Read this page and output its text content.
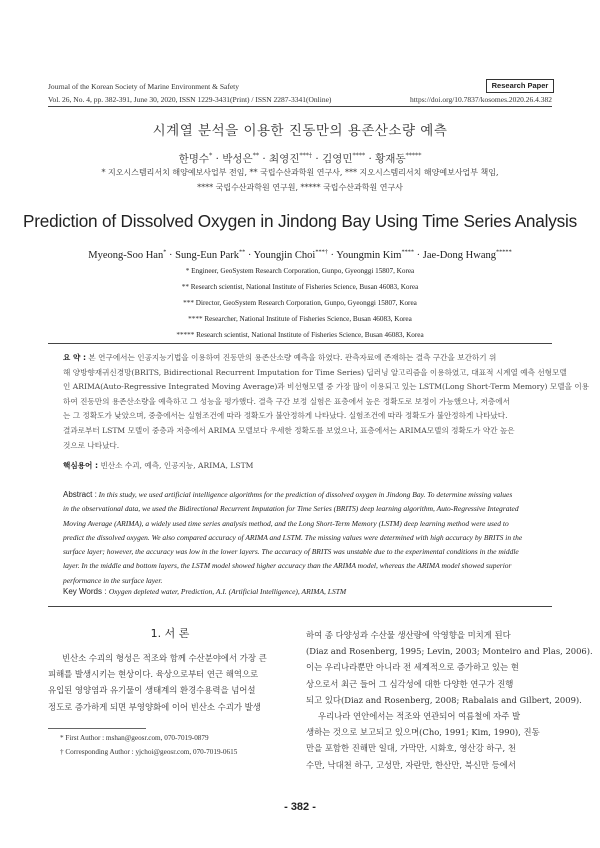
Journal of the Korean Society of Marine Environment & Safety	Research Paper
Vol. 26, No. 4, pp. 382-391, June 30, 2020, ISSN 1229-3431(Print) / ISSN 2287-3341(Online)	https://doi.org/10.7837/kosomes.2020.26.4.382
시계열 분석을 이용한 진동만의 용존산소량 예측
한명수* · 박성은** · 최영진***† · 김영민**** · 황재동*****
* 지오시스템리서치 해양예보사업부 전임, ** 국립수산과학원 연구사, *** 지오시스템리서치 해양예보사업부 책임,
**** 국립수산과학원 연구원, ***** 국립수산과학원 연구사
Prediction of Dissolved Oxygen in Jindong Bay Using Time Series Analysis
Myeong-Soo Han* · Sung-Eun Park** · Youngjin Choi***† · Youngmin Kim**** · Jae-Dong Hwang*****
* Engineer, GeoSystem Research Corporation, Gunpo, Gyeonggi 15807, Korea
** Research scientist, National Institute of Fisheries Science, Busan 46083, Korea
*** Director, GeoSystem Research Corporation, Gunpo, Gyeonggi 15807, Korea
**** Researcher, National Institute of Fisheries Science, Busan 46083, Korea
***** Research scientist, National Institute of Fisheries Science, Busan 46083, Korea
요 약 : 본 연구에서는 인공지능기법을 이용하여 진동만의 용존산소량 예측을 하였다. 관측자료에 존재하는 결측 구간을 보간하기 위
해 양방향재귀신경망(BRITS, Bidirectional Recurrent Imputation for Time Series) 딥러닝 알고리즘을 이용하였고, 대표적 시계열 예측 선형모델
인 ARIMA(Auto-Regressive Integrated Moving Average)과 비선형모델 중 가장 많이 이용되고 있는 LSTM(Long Short-Term Memory) 모델을 이용
하여 진동만의 용존산소량을 예측하고 그 성능을 평가했다. 결측 구간 보정 실험은 표층에서 높은 정확도로 보정이 가능했으나, 저층에서
는 그 정확도가 낮았으며, 중층에서는 실험조건에 따라 정확도가 불안정하게 나타났다. 실험조건에 따라 정확도가 불안정하게 나타났다.
결과로부터 LSTM 모델이 중층과 저층에서 ARIMA 모델보다 우세한 정확도를 보였으나, 표층에서는 ARIMA모델의 정확도가 약간 높은
것으로 나타났다.
핵심용어 : 빈산소 수괴, 예측, 인공지능, ARIMA, LSTM
Abstract : In this study, we used artificial intelligence algorithms for the prediction of dissolved oxygen in Jindong Bay. To determine missing values
in the observational data, we used the Bidirectional Recurrent Imputation for Time Series (BRITS) deep learning algorithm, Auto-Regressive Integrated
Moving Average (ARIMA), a widely used time series analysis method, and the Long Short-Term Memory (LSTM) deep learning method were used to
predict the dissolved oxygen. We also compared accuracy of ARIMA and LSTM. The missing values were determined with high accuracy by BRITS in the
surface layer; however, the accuracy was low in the lower layers. The accuracy of BRITS was unstable due to the experimental conditions in the middle
layer. In the middle and bottom layers, the LSTM model showed higher accuracy than the ARIMA model, whereas the ARIMA model showed superior
performance in the surface layer.
Key Words : Oxygen depleted water, Prediction, A.I. (Artificial Intelligence), ARIMA, LSTM
1. 서 론
빈산소 수괴의 형성은 적조와 함께 수산분야에서 가장 큰
피해를 발생시키는 현상이다. 육상으로부터 연근 해역으로
유입된 영양염과 유기물이 생태계의 환경수용력을 넘어설
정도로 증가하게 되면 부영양화에 이어 빈산소 수괴가 발생
* First Author : mshan@geosr.com, 070-7019-0879
† Corresponding Author : yjchoi@geosr.com, 070-7019-0615
하여 종 다양성과 수산물 생산량에 악영향을 미치게 된다
(Diaz and Rosenberg, 1995; Levin, 2003; Monteiro and Plas, 2006).
이는 우리나라뿐만 아니라 전 세계적으로 증가하고 있는 현
상으로서 최근 들어 그 심각성에 대한 다양한 연구가 진행
되고 있다(Diaz and Rosenberg, 2008; Rabalais and Gilbert, 2009).
우리나라 연안에서는 적조와 연관되어 여름철에 자주 발
생하는 것으로 보고되고 있으며(Cho, 1991; Kim, 1990), 진동
만을 포함한 진해만 일대, 가막만, 시화호, 영산강 하구, 천
수만, 낙대천 하구, 고성만, 자란만, 한산만, 북신만 등에서
- 382 -
